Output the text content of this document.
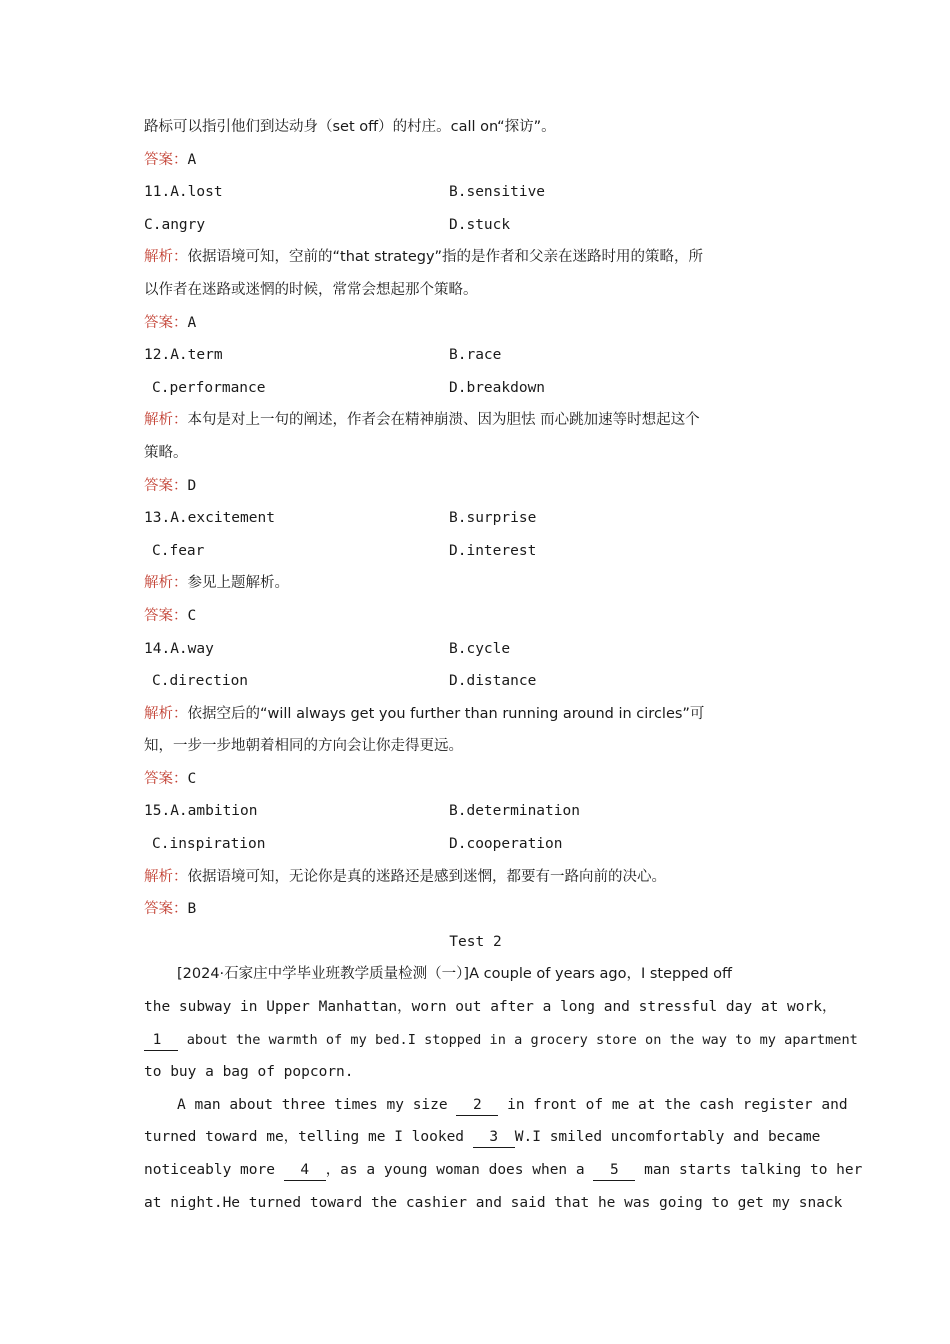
路标可以指引他们到达动身（set off）的村庄。call on“探访”。
答案：A
11.A.lost	B.sensitive
C.angry	D.stuck
解析：依据语境可知，空前的“that strategy”指的是作者和父亲在迷路时用的策略，所
以作者在迷路或迷惘的时候，常常会想起那个策略。
答案：A
12.A.term	B.race
C.performance	D.breakdown
解析：本句是对上一句的阐述，作者会在精神崩溃、因为胆怯 而心跳加速等时想起这个
策略。
答案：D
13.A.excitement	B.surprise
C.fear	D.interest
解析：参见上题解析。
答案：C
14.A.way	B.cycle
C.direction	D.distance
解析：依据空后的“will always get you further than running around in circles”可
知，一步一步地朝着相同的方向会让你走得更远。
答案：C
15.A.ambition	B.determination
C.inspiration	D.cooperation
解析：依据语境可知，无论你是真的迷路还是感到迷惘，都要有一路向前的决心。
答案：B
Test 2
[2024·石家庄中学毕业班教学质量检测（一）]A couple of years ago，I stepped off
the subway in Upper Manhattan，worn out after a long and stressful day at work，
1 about the warmth of my bed.I stopped in a grocery store on the way to my apartment
to buy a bag of popcorn.
A man about three times my size 2 in front of me at the cash register and
turned toward me，telling me I looked 3 W.I smiled uncomfortably and became
noticeably more 4 ，as a young woman does when a 5 man starts talking to her
at night.He turned toward the cashier and said that he was going to get my snack
